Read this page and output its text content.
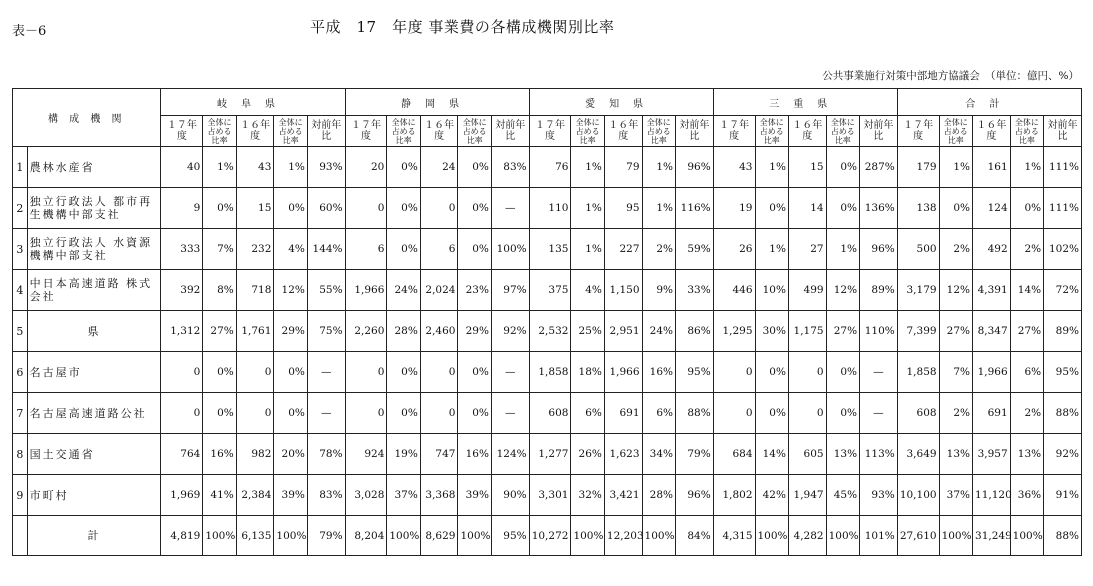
表－6	平成　17　年度 事業費の各構成機関別比率
公共事業施行対策中部地方協議会　（単位：億円、%）
構 成 機 関		岐阜県					静岡県					愛知県					三重県					合計				
		１７年度	全体に占める比率	１６年度	全体に占める比率	対前年比	１７年度	全体に占める比率	１６年度	全体に占める比率	対前年比	１７年度	全体に占める比率	１６年度	全体に占める比率	対前年比	１７年度	全体に占める比率	１６年度	全体に占める比率	対前年比	１７年度	全体に占める比率	１６年度	全体に占める比率	対前年比
1	農林水産省	40	1%	43	1%	93%	20	0%	24	0%	83%	76	1%	79	1%	96%	43	1%	15	0%	287%	179	1%	161	1%	111%
2	独立行政法人 都市再生機構中部支社	9	0%	15	0%	60%	0	0%	0	0%	—	110	1%	95	1%	116%	19	0%	14	0%	136%	138	0%	124	0%	111%
3	独立行政法人 水資源機構中部支社	333	7%	232	4%	144%	6	0%	6	0%	100%	135	1%	227	2%	59%	26	1%	27	1%	96%	500	2%	492	2%	102%
4	中日本高速道路 株式会社	392	8%	718	12%	55%	1,966	24%	2,024	23%	97%	375	4%	1,150	9%	33%	446	10%	499	12%	89%	3,179	12%	4,391	14%	72%
5	県	1,312	27%	1,761	29%	75%	2,260	28%	2,460	29%	92%	2,532	25%	2,951	24%	86%	1,295	30%	1,175	27%	110%	7,399	27%	8,347	27%	89%
6	名古屋市	0	0%	0	0%	—	0	0%	0	0%	—	1,858	18%	1,966	16%	95%	0	0%	0	0%	—	1,858	7%	1,966	6%	95%
7	名古屋高速道路公社	0	0%	0	0%	—	0	0%	0	0%	—	608	6%	691	6%	88%	0	0%	0	0%	—	608	2%	691	2%	88%
8	国土交通省	764	16%	982	20%	78%	924	19%	747	16%	124%	1,277	26%	1,623	34%	79%	684	14%	605	13%	113%	3,649	13%	3,957	13%	92%
9	市町村	1,969	41%	2,384	39%	83%	3,028	37%	3,368	39%	90%	3,301	32%	3,421	28%	96%	1,802	42%	1,947	45%	93%	10,100	37%	11,120	36%	91%
	計	4,819	100%	6,135	100%	79%	8,204	100%	8,629	100%	95%	10,272	100%	12,203	100%	84%	4,315	100%	4,282	100%	101%	27,610	100%	31,249	100%	88%
